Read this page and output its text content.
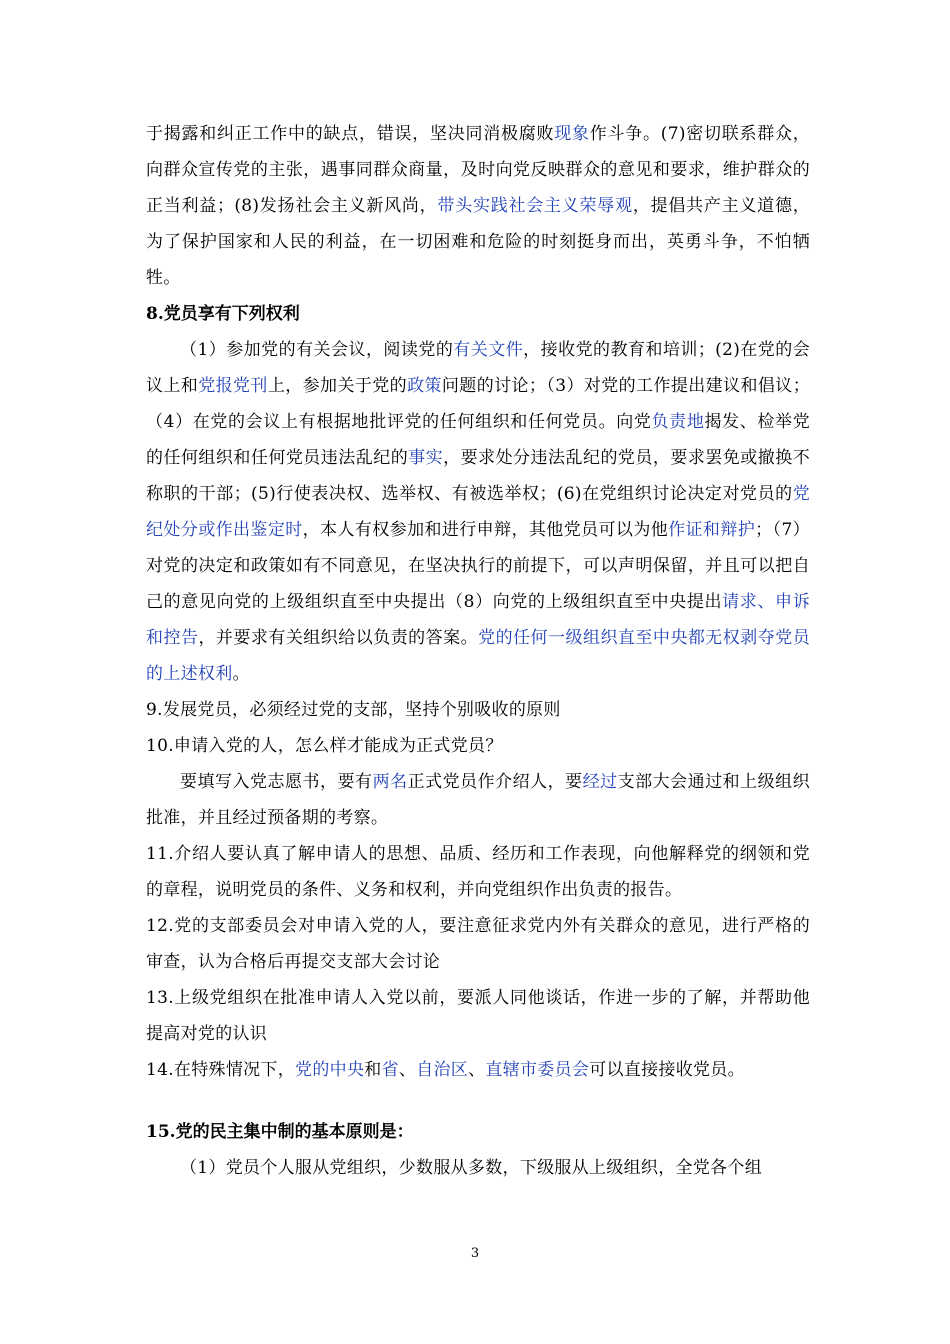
于揭露和纠正工作中的缺点，错误，坚决同消极腐败现象作斗争。(7)密切联系群众，向群众宣传党的主张，遇事同群众商量，及时向党反映群众的意见和要求，维护群众的正当利益；(8)发扬社会主义新风尚，带头实践社会主义荣辱观，提倡共产主义道德，为了保护国家和人民的利益，在一切困难和危险的时刻挺身而出，英勇斗争，不怕牺牲。

8.党员享有下列权利

（1）参加党的有关会议，阅读党的有关文件，接收党的教育和培训；(2)在党的会议上和党报党刊上，参加关于党的政策问题的讨论；（3）对党的工作提出建议和倡议；（4）在党的会议上有根据地批评党的任何组织和任何党员。向党负责地揭发、检举党的任何组织和任何党员违法乱纪的事实，要求处分违法乱纪的党员，要求罢免或撤换不称职的干部；(5)行使表决权、选举权、有被选举权；(6)在党组织讨论决定对党员的党纪处分或作出鉴定时，本人有权参加和进行申辩，其他党员可以为他作证和辩护；（7）对党的决定和政策如有不同意见，在坚决执行的前提下，可以声明保留，并且可以把自己的意见向党的上级组织直至中央提出（8）向党的上级组织直至中央提出请求、申诉和控告，并要求有关组织给以负责的答案。党的任何一级组织直至中央都无权剥夺党员的上述权利。

9.发展党员，必须经过党的支部，坚持个别吸收的原则

10.申请入党的人，怎么样才能成为正式党员？

要填写入党志愿书，要有两名正式党员作介绍人，要经过支部大会通过和上级组织批准，并且经过预备期的考察。

11.介绍人要认真了解申请人的思想、品质、经历和工作表现，向他解释党的纲领和党的章程，说明党员的条件、义务和权利，并向党组织作出负责的报告。

12.党的支部委员会对申请入党的人，要注意征求党内外有关群众的意见，进行严格的审查，认为合格后再提交支部大会讨论

13.上级党组织在批准申请人入党以前，要派人同他谈话，作进一步的了解，并帮助他提高对党的认识

14.在特殊情况下，党的中央和省、自治区、直辖市委员会可以直接接收党员。

15.党的民主集中制的基本原则是：

（1）党员个人服从党组织，少数服从多数，下级服从上级组织，全党各个组

3
